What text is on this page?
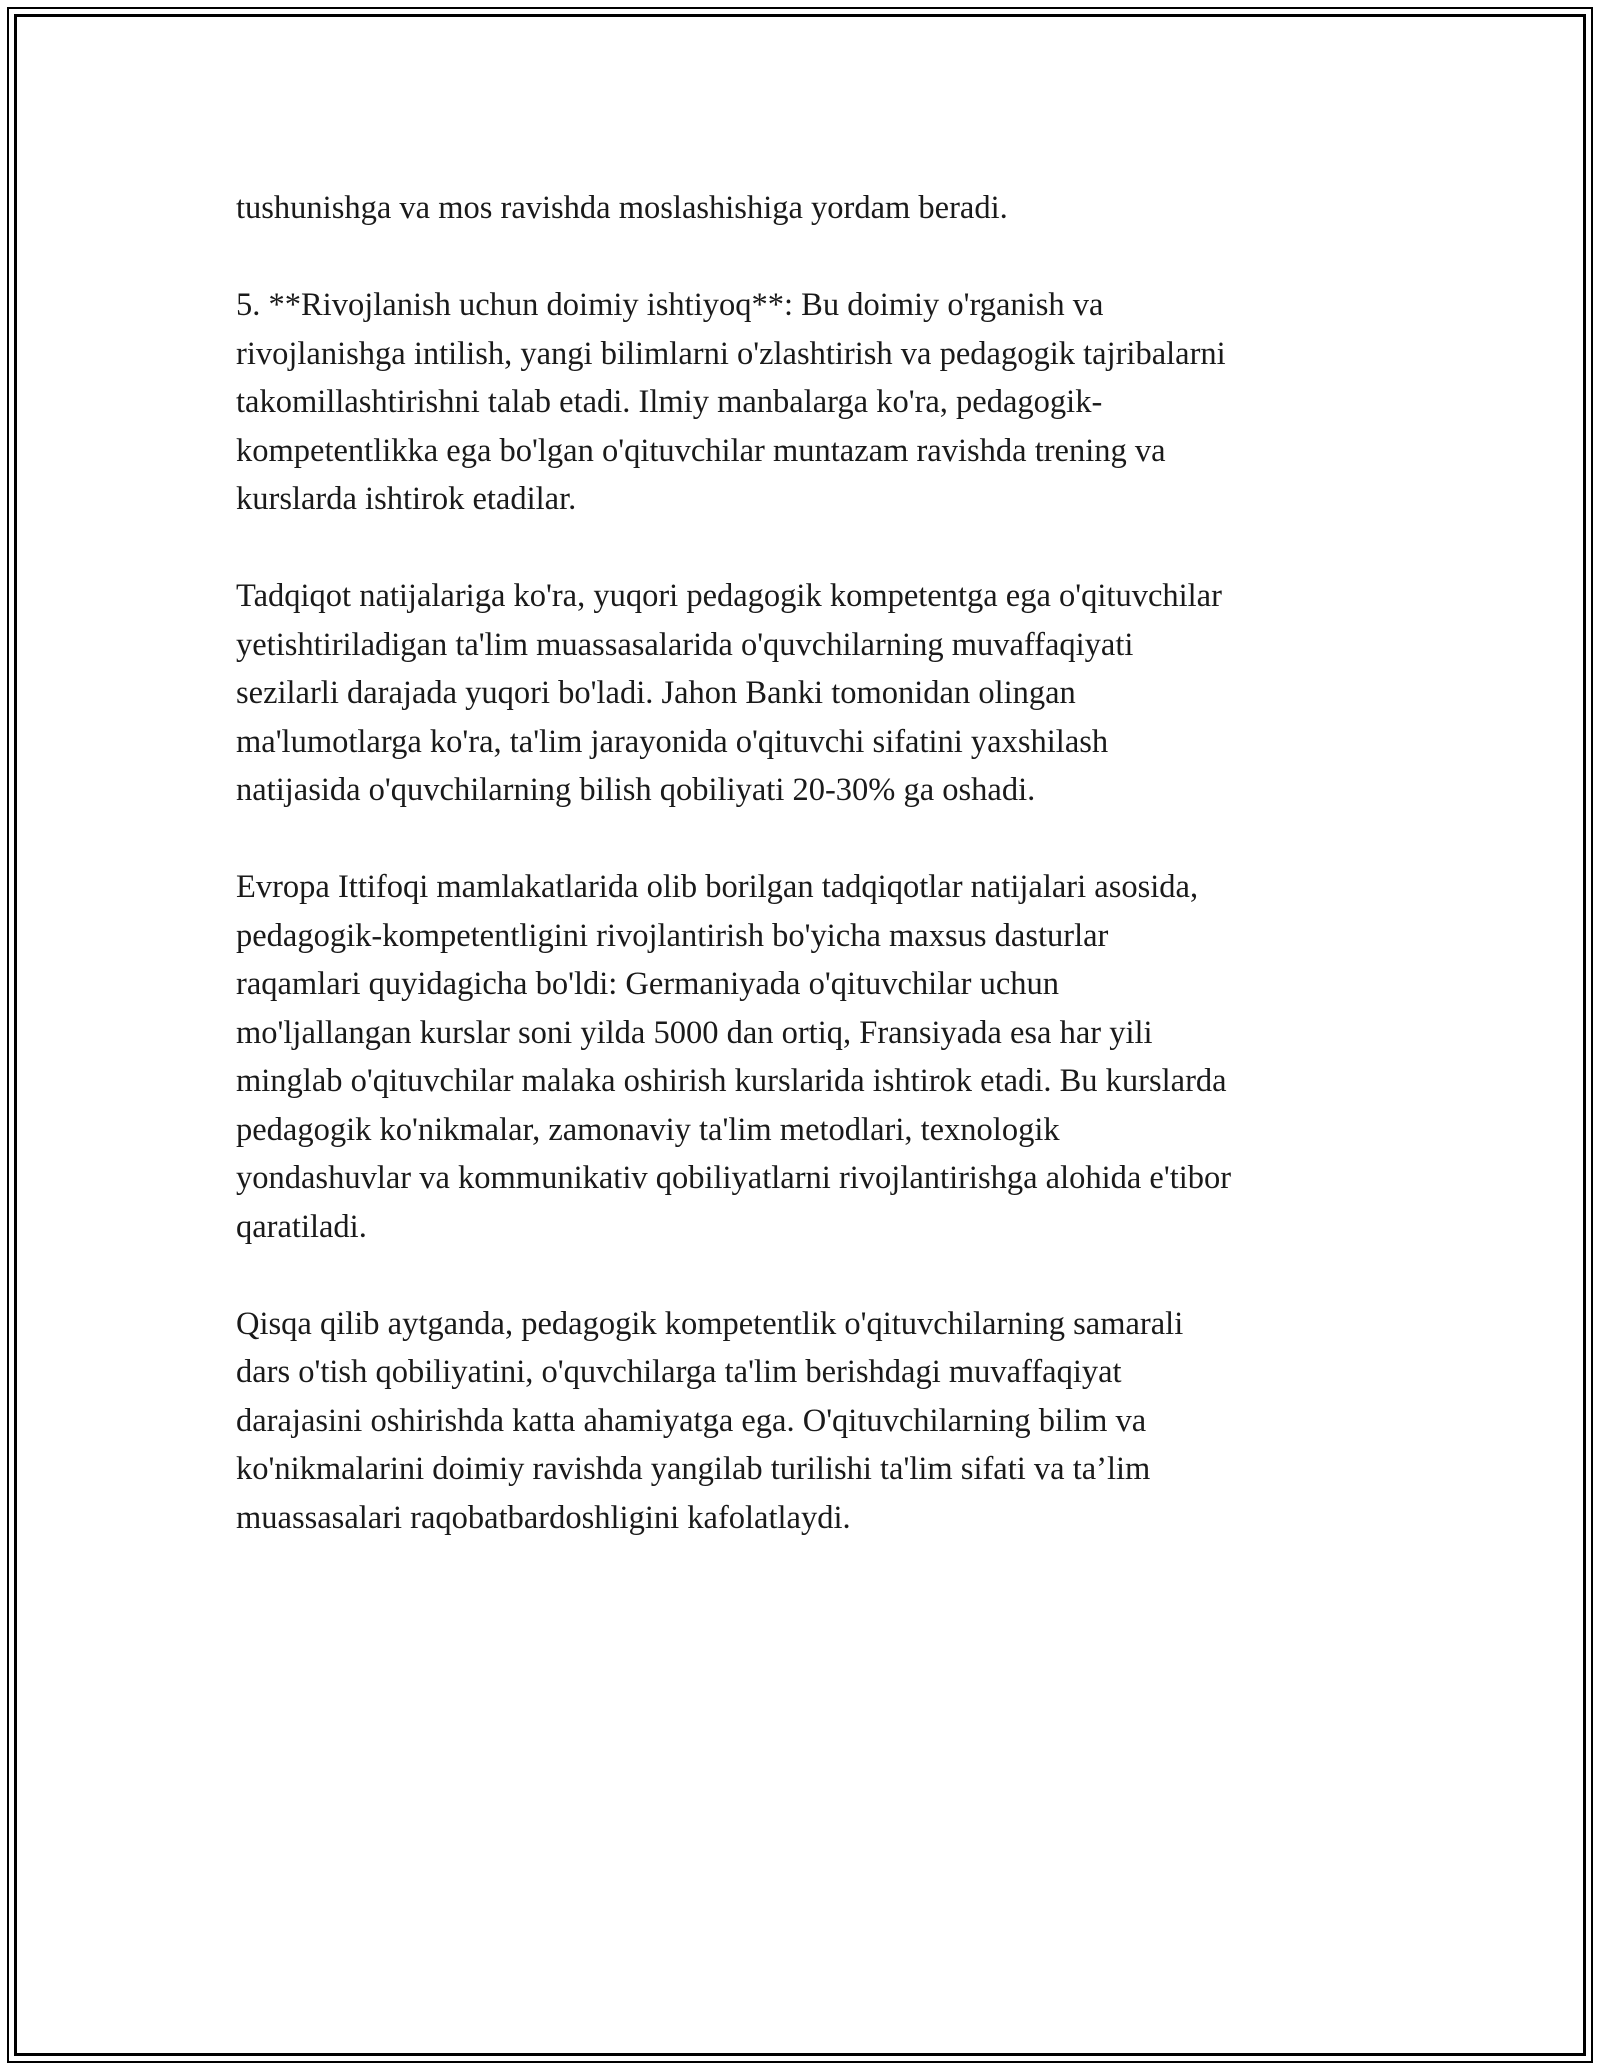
tushunishga va mos ravishda moslashishiga yordam beradi.

5. **Rivojlanish uchun doimiy ishtiyoq**: Bu doimiy o'rganish va
rivojlanishga intilish, yangi bilimlarni o'zlashtirish va pedagogik tajribalarni
takomillashtirishni talab etadi. Ilmiy manbalarga ko'ra, pedagogik-
kompetentlikka ega bo'lgan o'qituvchilar muntazam ravishda trening va
kurslarda ishtirok etadilar.

Tadqiqot natijalariga ko'ra, yuqori pedagogik kompetentga ega o'qituvchilar
yetishtiriladigan ta'lim muassasalarida o'quvchilarning muvaffaqiyati
sezilarli darajada yuqori bo'ladi. Jahon Banki tomonidan olingan
ma'lumotlarga ko'ra, ta'lim jarayonida o'qituvchi sifatini yaxshilash
natijasida o'quvchilarning bilish qobiliyati 20-30% ga oshadi.

Evropa Ittifoqi mamlakatlarida olib borilgan tadqiqotlar natijalari asosida,
pedagogik-kompetentligini rivojlantirish bo'yicha maxsus dasturlar
raqamlari quyidagicha bo'ldi: Germaniyada o'qituvchilar uchun
mo'ljallangan kurslar soni yilda 5000 dan ortiq, Fransiyada esa har yili
minglab o'qituvchilar malaka oshirish kurslarida ishtirok etadi. Bu kurslarda
pedagogik ko'nikmalar, zamonaviy ta'lim metodlari, texnologik
yondashuvlar va kommunikativ qobiliyatlarni rivojlantirishga alohida e'tibor
qaratiladi.

Qisqa qilib aytganda, pedagogik kompetentlik o'qituvchilarning samarali
dars o'tish qobiliyatini, o'quvchilarga ta'lim berishdagi muvaffaqiyat
darajasini oshirishda katta ahamiyatga ega. O'qituvchilarning bilim va
ko'nikmalarini doimiy ravishda yangilab turilishi ta'lim sifati va ta’lim
muassasalari raqobatbardoshligini kafolatlaydi.
